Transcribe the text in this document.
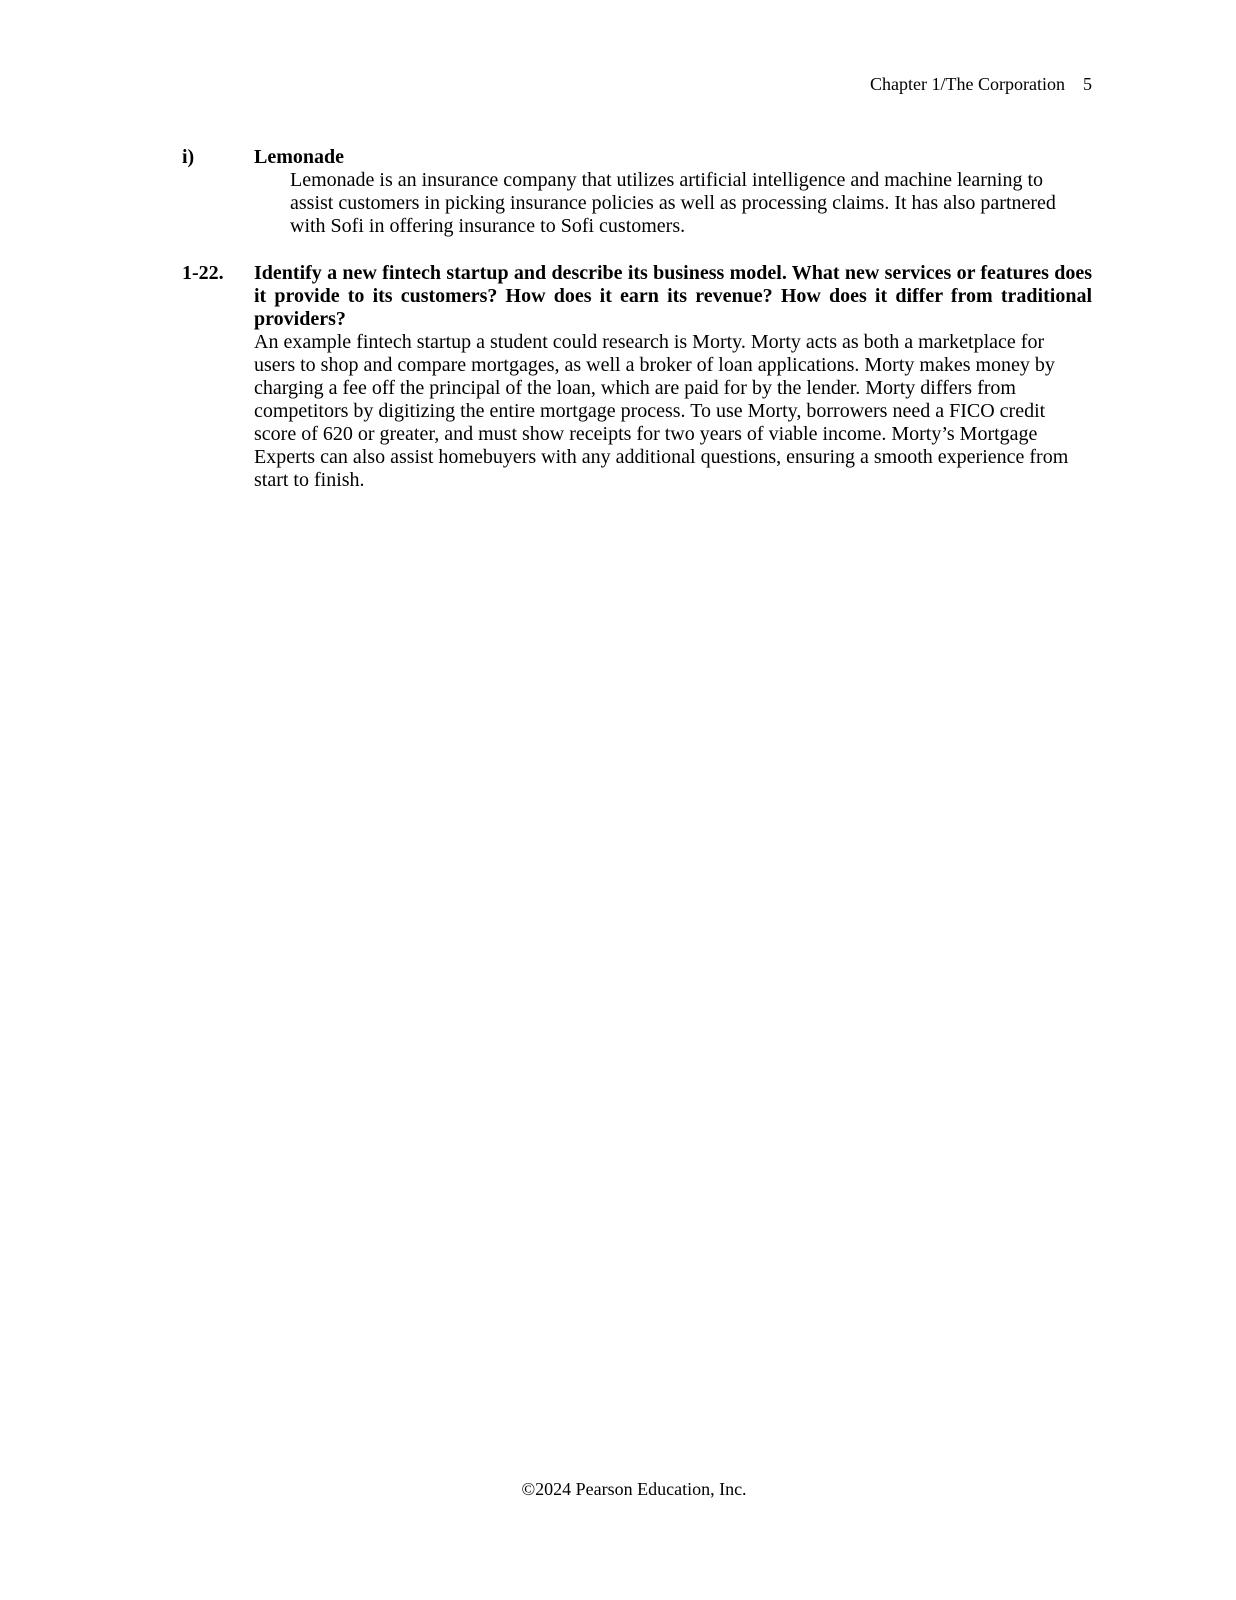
Chapter 1/The Corporation 5
i)	Lemonade

Lemonade is an insurance company that utilizes artificial intelligence and machine learning to assist customers in picking insurance policies as well as processing claims. It has also partnered with Sofi in offering insurance to Sofi customers.

1-22. Identify a new fintech startup and describe its business model. What new services or features does it provide to its customers? How does it earn its revenue? How does it differ from traditional providers?

An example fintech startup a student could research is Morty. Morty acts as both a marketplace for users to shop and compare mortgages, as well a broker of loan applications. Morty makes money by charging a fee off the principal of the loan, which are paid for by the lender. Morty differs from competitors by digitizing the entire mortgage process. To use Morty, borrowers need a FICO credit score of 620 or greater, and must show receipts for two years of viable income. Morty’s Mortgage Experts can also assist homebuyers with any additional questions, ensuring a smooth experience from start to finish.

©2024 Pearson Education, Inc.
